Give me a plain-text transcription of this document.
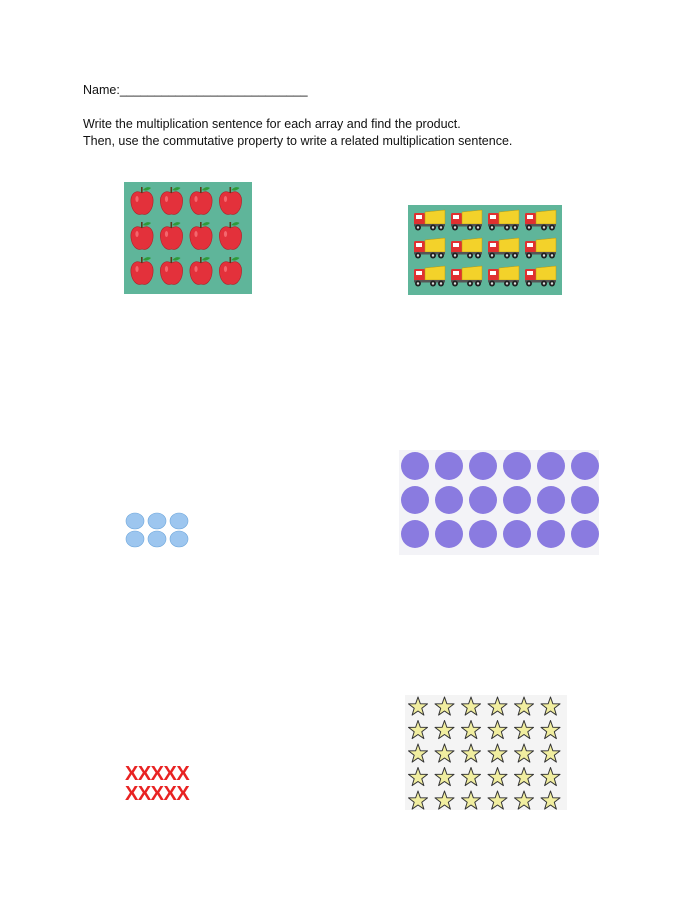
Name:___________________________
Write the multiplication sentence for each array and find the product.
Then, use the commutative property to write a related multiplication sentence.
XXXXX
XXXXX
